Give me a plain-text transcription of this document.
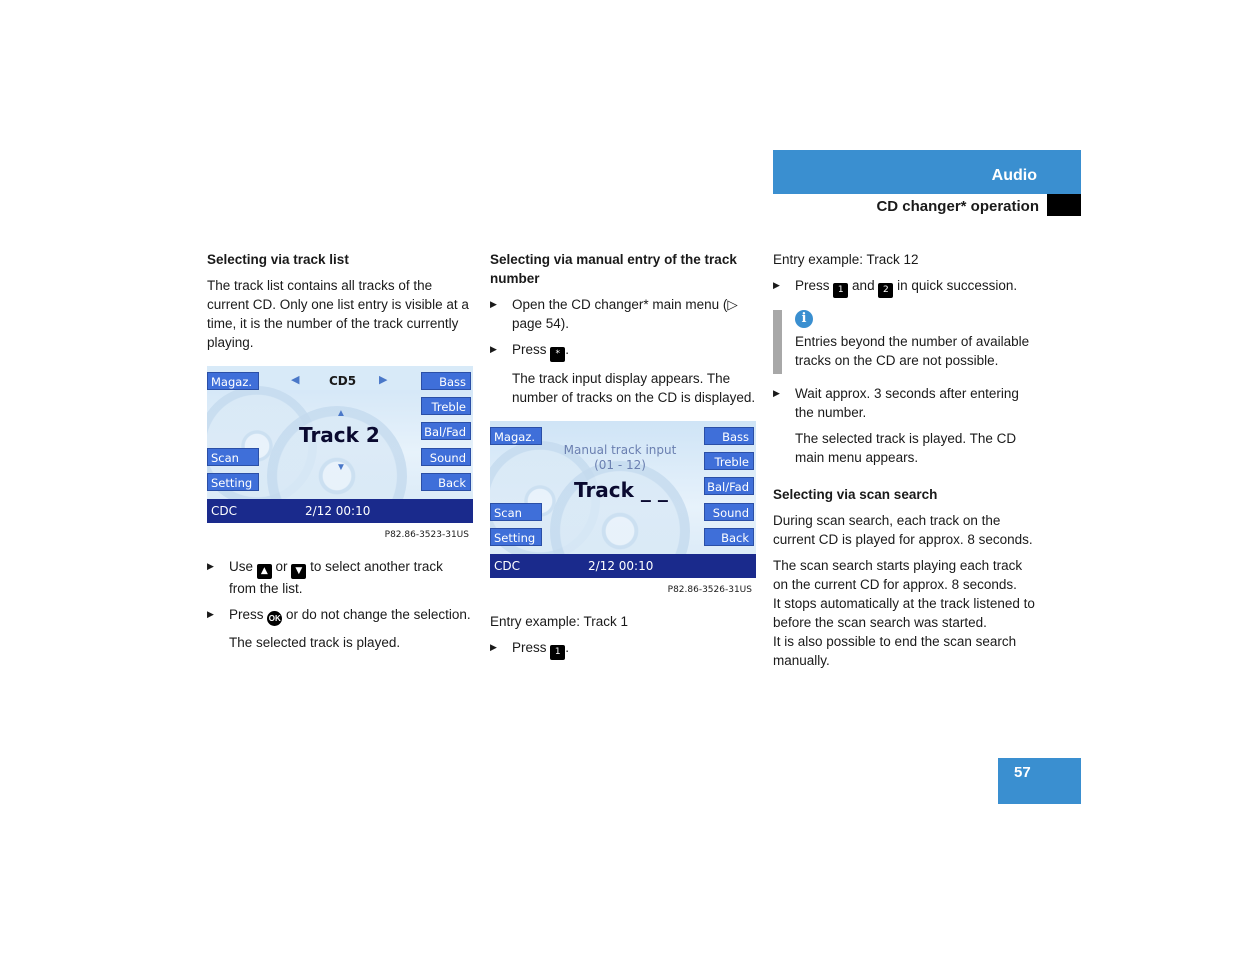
Audio
CD changer* operation
Selecting via track list

The track list contains all tracks of the current CD. Only one list entry is visible at a time, it is the number of the track currently playing.

Magaz.
Scan
Setting
Bass
Treble
Bal/Fad
Sound
Back
◀ CD5 ▶
▲
Track 2
▼
CDC	2/12 00:10
P82.86-3523-31US
▶ Use ▲ or ▼ to select another track from the list.
▶ Press OK or do not change the selection.

The selected track is played.

Selecting via manual entry of the track number
▶ Open the CD changer* main menu (▷ page 54).
▶ Press * .

The track input display appears. The number of tracks on the CD is displayed.

Magaz.
Scan
Setting
Bass
Treble
Bal/Fad
Sound
Back
Manual track input
(01 - 12)
Track _ _
CDC	2/12 00:10
P82.86-3526-31US

Entry example: Track 1

▶ Press 1 .

Entry example: Track 12

▶ Press 1 and 2 in quick succession.
i
Entries beyond the number of available tracks on the CD are not possible.
▶ Wait approx. 3 seconds after entering the number.

The selected track is played. The CD main menu appears.

Selecting via scan search

During scan search, each track on the current CD is played for approx. 8 seconds.

The scan search starts playing each track on the current CD for approx. 8 seconds.
It stops automatically at the track listened to before the scan search was started.
It is also possible to end the scan search manually.
57
